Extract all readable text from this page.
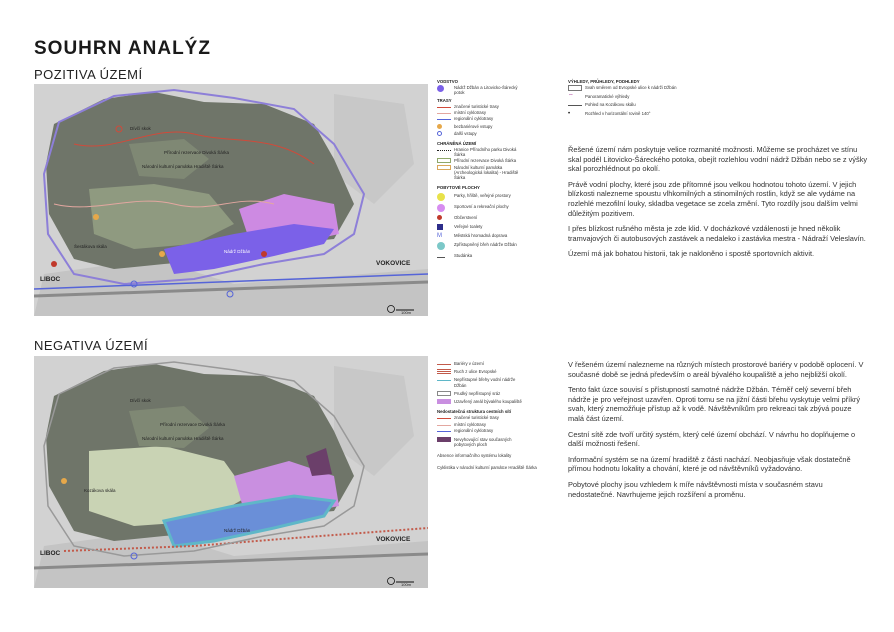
SOUHRN ANALÝZ
POZITIVA ÚZEMÍ
Dívčí skok
Přírodní rezervace Divoká Šárka
Národní kulturní památka Hradiště Šárka
Nádrž Džbán
Šestákova skála
LIBOC
VOKOVICE
100m
VODSTVO
Nádrž Džbán a Litovicko-Šárecký potok
TRASY
značené turistické trasy
místní cyklotrasy
regionální cyklotrasy
bezbariérové vstupy
další vstupy
CHRÁNĚNÁ ÚZEMÍ
Hranice Přírodního parku Divoká Šárka
Přírodní rezervace Divoká Šárka
Národní kulturní památka (Archeologická lokalita) - Hradiště Šárka
POBYTOVÉ PLOCHY
Parky, hřiště, veřejné prostory
Sportovní a rekreační plochy
Občerstvení
Veřejné toalety
M	Městská hromadná doprava
Zpřístupněný břeh nádrže Džbán
Studánka
VÝHLEDY, PRŮHLEDY, PODHLEDY
Svah směrem od Evropské ulice k nádrži Džbán
⌔	Panoramatické výhledy
Pohled na Kozákovu skálu
•	Rozhled v horizontální rovině 140°

Řešené území nám poskytuje velice rozmanité možnosti. Můžeme se procházet ve stínu skal podél Litovicko-Šáreckého potoka, obejít rozlehlou vodní nádrž Džbán nebo se z výšky skal porozhlédnout po okolí.

Právě vodní plochy, které jsou zde přítomné jsou velkou hodnotou tohoto území. V jejich blízkosti nalezneme spoustu vlhkomilných a stinomilných rostlin, když se ale vydáme na rozlehlé mezofilní louky, skladba vegetace se zcela změní. Tyto rozdíly jsou dalším velmi důležitým pozitivem.

I přes blízkost rušného města je zde klid. V docházkové vzdálenosti je hned několik tramvajových či autobusových zastávek a nedaleko i zastávka mestra - Nádraží Veleslavín.

Území má jak bohatou historii, tak je nakloněno i spostě sportovních aktivit.

NEGATIVA ÚZEMÍ
Dívčí skok
Přírodní rezervace Divoká Šárka
Národní kulturní památka Hradiště Šárka
Nádrž Džbán
Kozákova skála
LIBOC
VOKOVICE
100m
Bariéry v území
Ruch z ulice Evropské
Nepřístupné břehy vodní nádrže Džbán
Prudký nepřístupný sráz
Uzavřený areál bývalého koupaliště
Nedostatečná struktura cestních sítí
značené turistické trasy
místní cyklotrasy
regionální cyklotrasy
Nevyhovující stav současných pobytových ploch
Absence informačního systému lokality
Cyklistika v národní kulturní památce Hradiště Šárka

V řešeném území nalezneme na různých místech prostorové bariéry v podobě oplocení. V současné době se jedná především o areál bývalého koupaliště a jeho nejbližší okolí.

Tento fakt úzce souvisí s přístupností samotné nádrže Džbán. Téměř celý severní břeh nádrže je pro veřejnost uzavřen. Oproti tomu se na jižní části břehu vyskytuje velmi příkrý svah, který znemožňuje přístup až k vodě. Návštěvníkům pro rekreaci tak zbývá pouze malá část území.

Cestní sítě zde tvoří určitý systém, který celé území obchází. V návrhu ho doplňujeme o další možnosti řešení.

Informační systém se na území hradiště z části nachází. Neobjasňuje však dostatečně přímou hodnotu lokality a chování, které je od návštěvníků vyžadováno.

Pobytové plochy jsou vzhledem k míře návštěvnosti místa v současném stavu nedostatečné. Navrhujeme jejich rozšíření a proměnu.
